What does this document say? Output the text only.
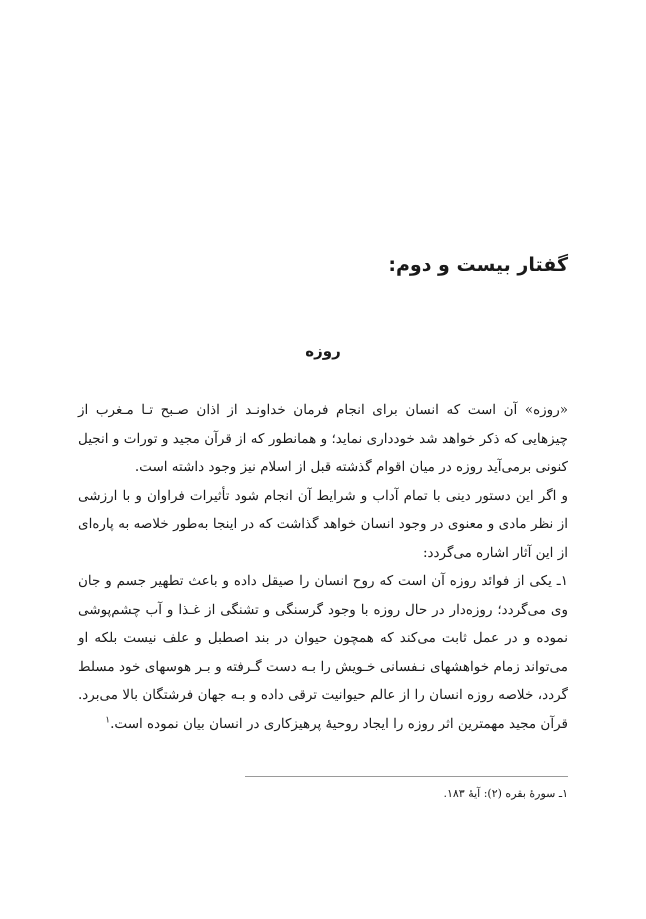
گفتار بیست و دوم:
روزه

«روزه» آن است که انسان برای انجام فرمان خداونـد از اذان صـبح تـا مـغرب از چیزهایی که ذکر خواهد شد خودداری نماید؛ و همانطور که از قرآن مجید و تورات و انجیل کنونی برمی‌آید روزه در میان اقوام گذشته قبل از اسلام نیز وجود داشته است.

و اگر این دستور دینی با تمام آداب و شرایط آن انجام شود تأثیرات فراوان و با ارزشی از نظر مادی و معنوی در وجود انسان خواهد گذاشت که در اینجا به‌طور خلاصه به پاره‌ای از این آثار اشاره می‌گردد:

۱ـ یکی از فوائد روزه آن است که روح انسان را صیقل داده و باعث تطهیر جسم و جان وی می‌گردد؛ روزه‌دار در حال روزه با وجود گرسنگی و تشنگی از غـذا و آب چشم‌پوشی نموده و در عمل ثابت می‌کند که همچون حیوان در بند اصطبل و علف نیست بلکه او می‌تواند زمام خواهشهای نـفسانی خـویش را بـه دست گـرفته و بـر هوسهای خود مسلط گردد، خلاصه روزه انسان را از عالم حیوانیت ترقی داده و بـه جهان فرشتگان بالا می‌برد. قرآن مجید مهمترین اثر روزه را ایجاد روحیهٔ پرهیزکاری در انسان بیان نموده است.$^۱$

۱ـ سورهٔ بقره (۲): آیهٔ ۱۸۳.
